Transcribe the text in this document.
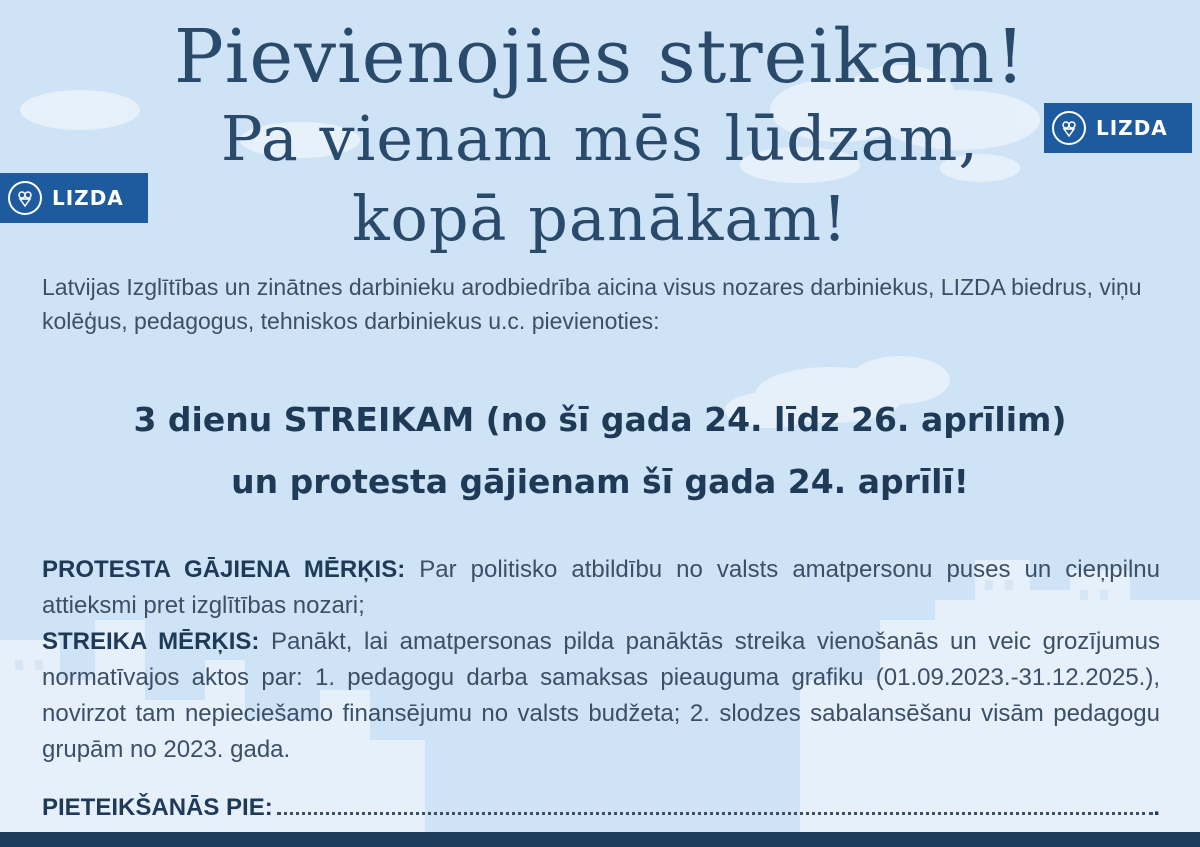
Pievienojies streikam!
Pa vienam mēs lūdzam,
kopā panākam!
LIZDA
LIZDA

Latvijas Izglītības un zinātnes darbinieku arodbiedrība aicina visus nozares darbiniekus, LIZDA biedrus, viņu kolēģus, pedagogus, tehniskos darbiniekus u.c. pievienoties:

3 dienu STREIKAM (no šī gada 24. līdz 26. aprīlim)
un protesta gājienam šī gada 24. aprīlī!

PROTESTA GĀJIENA MĒRĶIS: Par politisko atbildību no valsts amatpersonu puses un cieņpilnu attieksmi pret izglītības nozari;

STREIKA MĒRĶIS: Panākt, lai amatpersonas pilda panāktās streika vienošanās un veic grozījumus normatīvajos aktos par: 1. pedagogu darba samaksas pieauguma grafiku (01.09.2023.-31.12.2025.), novirzot tam nepieciešamo finansējumu no valsts budžeta; 2. slodzes sabalansēšanu visām pedagogu grupām no 2023. gada.

PIETEIKŠANĀS PIE:	.
